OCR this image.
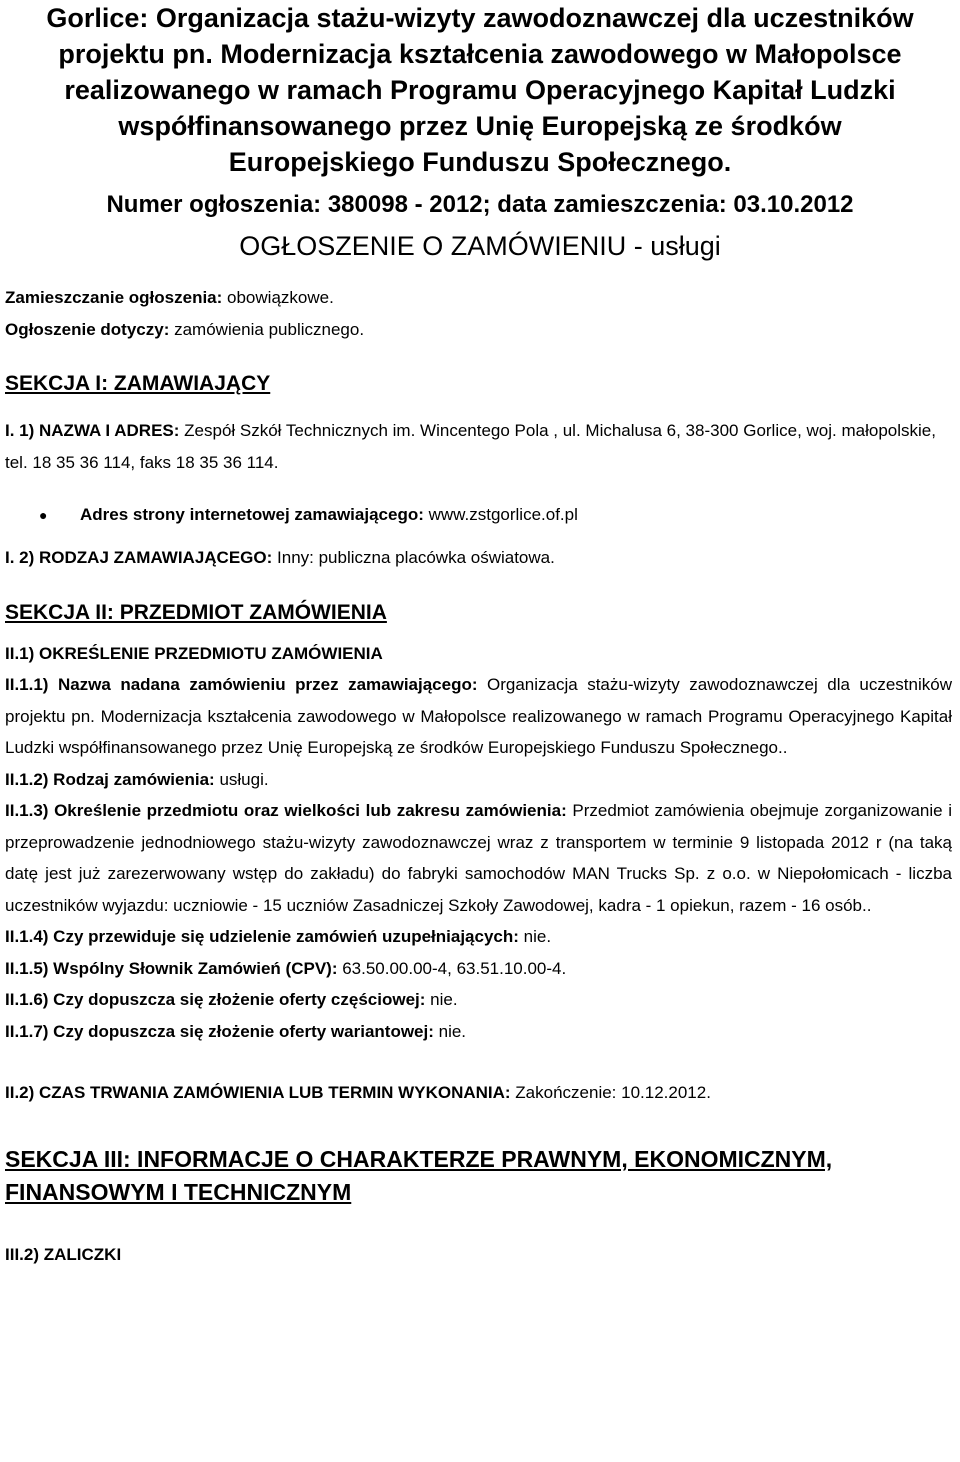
Gorlice: Organizacja stażu-wizyty zawodoznawczej dla uczestników
projektu pn. Modernizacja kształcenia zawodowego w Małopolsce
realizowanego w ramach Programu Operacyjnego Kapitał Ludzki
współfinansowanego przez Unię Europejską ze środków
Europejskiego Funduszu Społecznego.
Numer ogłoszenia: 380098 - 2012; data zamieszczenia: 03.10.2012
OGŁOSZENIE O ZAMÓWIENIU - usługi

Zamieszczanie ogłoszenia: obowiązkowe.

Ogłoszenie dotyczy: zamówienia publicznego.

SEKCJA I: ZAMAWIAJĄCY

I. 1) NAZWA I ADRES: Zespół Szkół Technicznych im. Wincentego Pola , ul. Michalusa 6, 38-300 Gorlice, woj. małopolskie, tel. 18 35 36 114, faks 18 35 36 114.

● Adres strony internetowej zamawiającego: www.zstgorlice.of.pl

I. 2) RODZAJ ZAMAWIAJĄCEGO: Inny: publiczna placówka oświatowa.

SEKCJA II: PRZEDMIOT ZAMÓWIENIA

II.1) OKREŚLENIE PRZEDMIOTU ZAMÓWIENIA

II.1.1) Nazwa nadana zamówieniu przez zamawiającego: Organizacja stażu-wizyty zawodoznawczej dla uczestników projektu pn. Modernizacja kształcenia zawodowego w Małopolsce realizowanego w ramach Programu Operacyjnego Kapitał Ludzki współfinansowanego przez Unię Europejską ze środków Europejskiego Funduszu Społecznego..

II.1.2) Rodzaj zamówienia: usługi.

II.1.3) Określenie przedmiotu oraz wielkości lub zakresu zamówienia: Przedmiot zamówienia obejmuje zorganizowanie i przeprowadzenie jednodniowego stażu-wizyty zawodoznawczej wraz z transportem w terminie 9 listopada 2012 r (na taką datę jest już zarezerwowany wstęp do zakładu) do fabryki samochodów MAN Trucks Sp. z o.o. w Niepołomicach - liczba uczestników wyjazdu: uczniowie - 15 uczniów Zasadniczej Szkoły Zawodowej, kadra - 1 opiekun, razem - 16 osób..

II.1.4) Czy przewiduje się udzielenie zamówień uzupełniających: nie.

II.1.5) Wspólny Słownik Zamówień (CPV): 63.50.00.00-4, 63.51.10.00-4.

II.1.6) Czy dopuszcza się złożenie oferty częściowej: nie.

II.1.7) Czy dopuszcza się złożenie oferty wariantowej: nie.

II.2) CZAS TRWANIA ZAMÓWIENIA LUB TERMIN WYKONANIA: Zakończenie: 10.12.2012.

SEKCJA III: INFORMACJE O CHARAKTERZE PRAWNYM, EKONOMICZNYM,
FINANSOWYM I TECHNICZNYM

III.2) ZALICZKI
